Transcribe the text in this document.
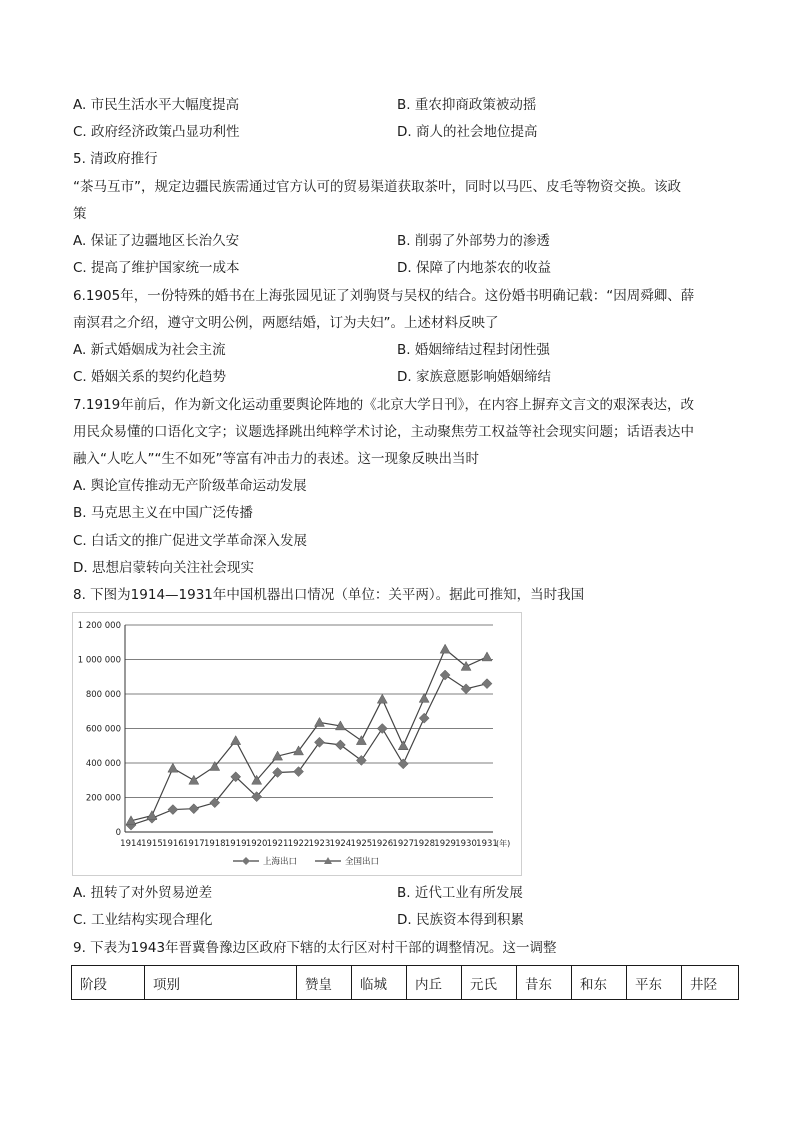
A. 市民生活水平大幅度提高	B. 重农抑商政策被动摇
C. 政府经济政策凸显功利性	D. 商人的社会地位提高
5. 清政府推行
“茶马互市”，规定边疆民族需通过官方认可的贸易渠道获取茶叶，同时以马匹、皮毛等物资交换。该政
策
A. 保证了边疆地区长治久安	B. 削弱了外部势力的渗透
C. 提高了维护国家统一成本	D. 保障了内地茶农的收益
6.1905年，一份特殊的婚书在上海张园见证了刘驹贤与吴权的结合。这份婚书明确记载：“因周舜卿、薛
南溟君之介绍，遵守文明公例，两愿结婚，订为夫妇”。上述材料反映了
A. 新式婚姻成为社会主流	B. 婚姻缔结过程封闭性强
C. 婚姻关系的契约化趋势	D. 家族意愿影响婚姻缔结
7.1919年前后，作为新文化运动重要舆论阵地的《北京大学日刊》，在内容上摒弃文言文的艰深表达，改
用民众易懂的口语化文字；议题选择跳出纯粹学术讨论，主动聚焦劳工权益等社会现实问题；话语表达中
融入“人吃人”“生不如死”等富有冲击力的表述。这一现象反映出当时
A. 舆论宣传推动无产阶级革命运动发展
B. 马克思主义在中国广泛传播
C. 白话文的推广促进文学革命深入发展
D. 思想启蒙转向关注社会现实
8. 下图为1914—1931年中国机器出口情况（单位：关平两）。据此可推知，当时我国
0
200 000
400 000
600 000
800 000
1 000 000
1 200 000
1914 1915 1916 1917 1918 1919 1920 1921 1922 1923 1924 1925 1926 1927 1928 1929 1930 1931
(年)
上海出口	全国出口
A. 扭转了对外贸易逆差	B. 近代工业有所发展
C. 工业结构实现合理化	D. 民族资本得到积累
9. 下表为1943年晋冀鲁豫边区政府下辖的太行区对村干部的调整情况。这一调整
阶段	项别	赞皇	临城	内丘	元氏	昔东	和东	平东	井陉
